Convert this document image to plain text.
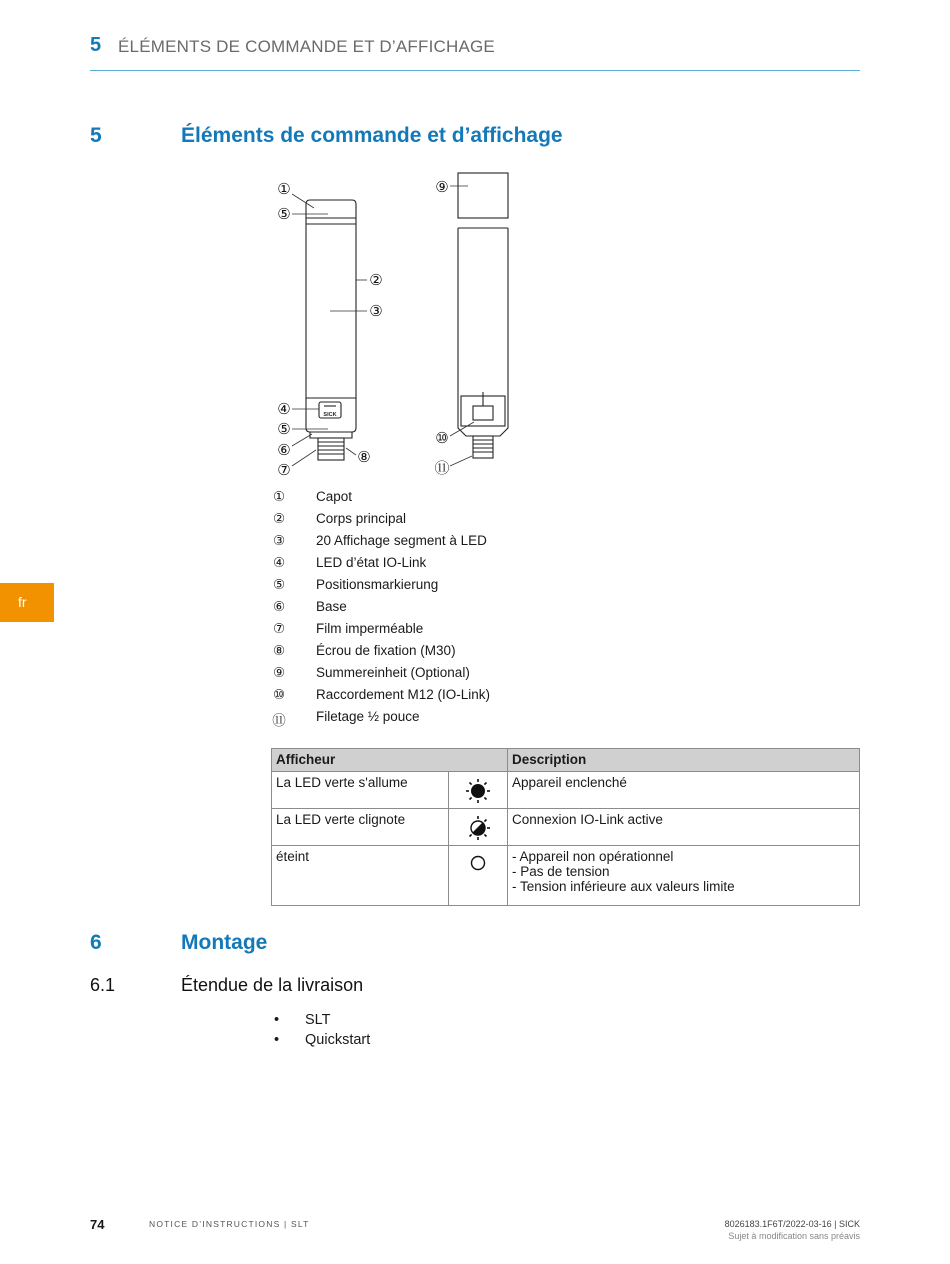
5 ÉLÉMENTS DE COMMANDE ET D’AFFICHAGE
5	Éléments de commande et d’affichage
fr
SICK
①
⑤
②
③
④
⑤
⑥
⑦
⑧
⑨
⑩
⑪
① Capot
② Corps principal
③ 20 Affichage segment à LED
④ LED d’état IO-Link
⑤ Positionsmarkierung
⑥ Base
⑦ Film imperméable
⑧ Écrou de fixation (M30)
⑨ Summereinheit (Optional)
⑩ Raccordement M12 (IO-Link)
⑪ Filetage ½ pouce
Afficheur		Description
La LED verte s'allume		Appareil enclenché

La LED verte clignote		Connexion IO-Link active

éteint		- Appareil non opérationnel
- Pas de tension
- Tension inférieure aux valeurs limite
6	Montage
6.1	Étendue de la livraison
• SLT
• Quickstart
74	NOTICE D’INSTRUCTIONS | SLT	8026183.1F6T/2022-03-16 | SICK
Sujet à modification sans préavis
